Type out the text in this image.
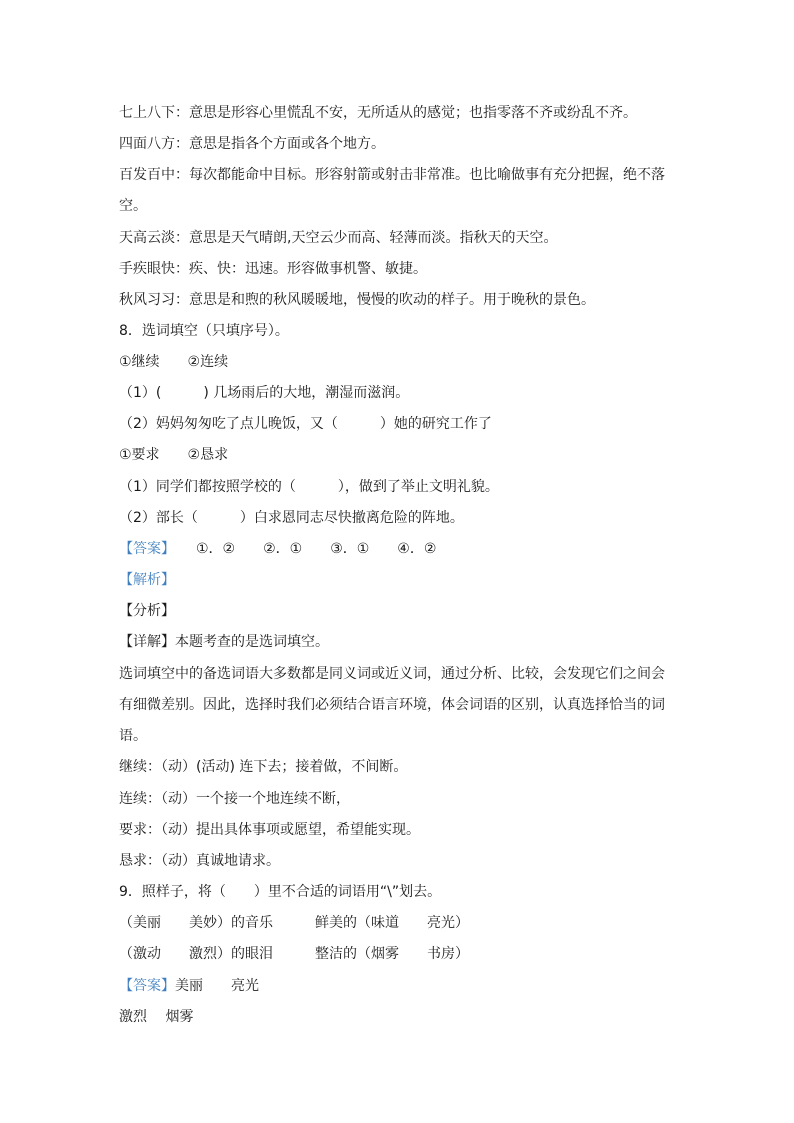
七上八下：意思是形容心里慌乱不安，无所适从的感觉；也指零落不齐或纷乱不齐。
四面八方：意思是指各个方面或各个地方。
百发百中：每次都能命中目标。形容射箭或射击非常准。也比喻做事有充分把握，绝不落空。
天高云淡：意思是天气晴朗,天空云少而高、轻薄而淡。指秋天的天空。
手疾眼快：疾、快：迅速。形容做事机警、敏捷。
秋风习习：意思是和煦的秋风暖暖地，慢慢的吹动的样子。用于晚秋的景色。
8．选词填空（只填序号）。
①继续　　②连续
（1）(　　　) 几场雨后的大地，潮湿而滋润。
（2）妈妈匆匆吃了点儿晚饭，又（　　　）她的研究工作了
①要求　　②恳求
（1）同学们都按照学校的（　　　），做到了举止文明礼貌。
（2）部长（　　　）白求恩同志尽快撤离危险的阵地。
【答案】　　①．②　　②．①　　③．①　　④．②
【解析】
【分析】
【详解】本题考查的是选词填空。
选词填空中的备选词语大多数都是同义词或近义词，通过分析、比较，会发现它们之间会有细微差别。因此，选择时我们必须结合语言环境，体会词语的区别，认真选择恰当的词语。
继续：（动）(活动) 连下去；接着做，不间断。
连续：（动）一个接一个地连续不断，
要求：（动）提出具体事项或愿望，希望能实现。
恳求：（动）真诚地请求。
9．照样子，将（　　）里不合适的词语用“\”划去。
（美丽　　美妙）的音乐　　　鲜美的（味道　　亮光）
（激动　　激烈）的眼泪　　　整洁的（烟雾　　书房）
【答案】美丽　　亮光
激烈　 烟雾
